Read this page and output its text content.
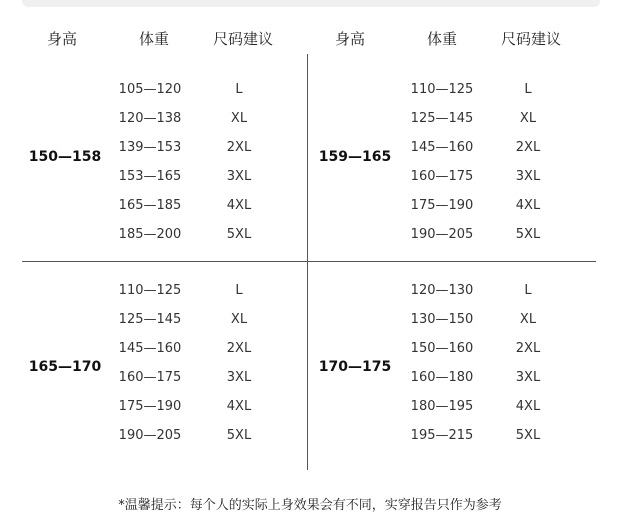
身高	体重	尺码建议	身高	体重	尺码建议
150—158
105—120	L
120—138	XL
139—153	2XL
153—165	3XL
165—185	4XL
185—200	5XL
159—165
110—125	L
125—145	XL
145—160	2XL
160—175	3XL
175—190	4XL
190—205	5XL
165—170
110—125	L
125—145	XL
145—160	2XL
160—175	3XL
175—190	4XL
190—205	5XL
170—175
120—130	L
130—150	XL
150—160	2XL
160—180	3XL
180—195	4XL
195—215	5XL
*温馨提示：每个人的实际上身效果会有不同，实穿报告只作为参考
